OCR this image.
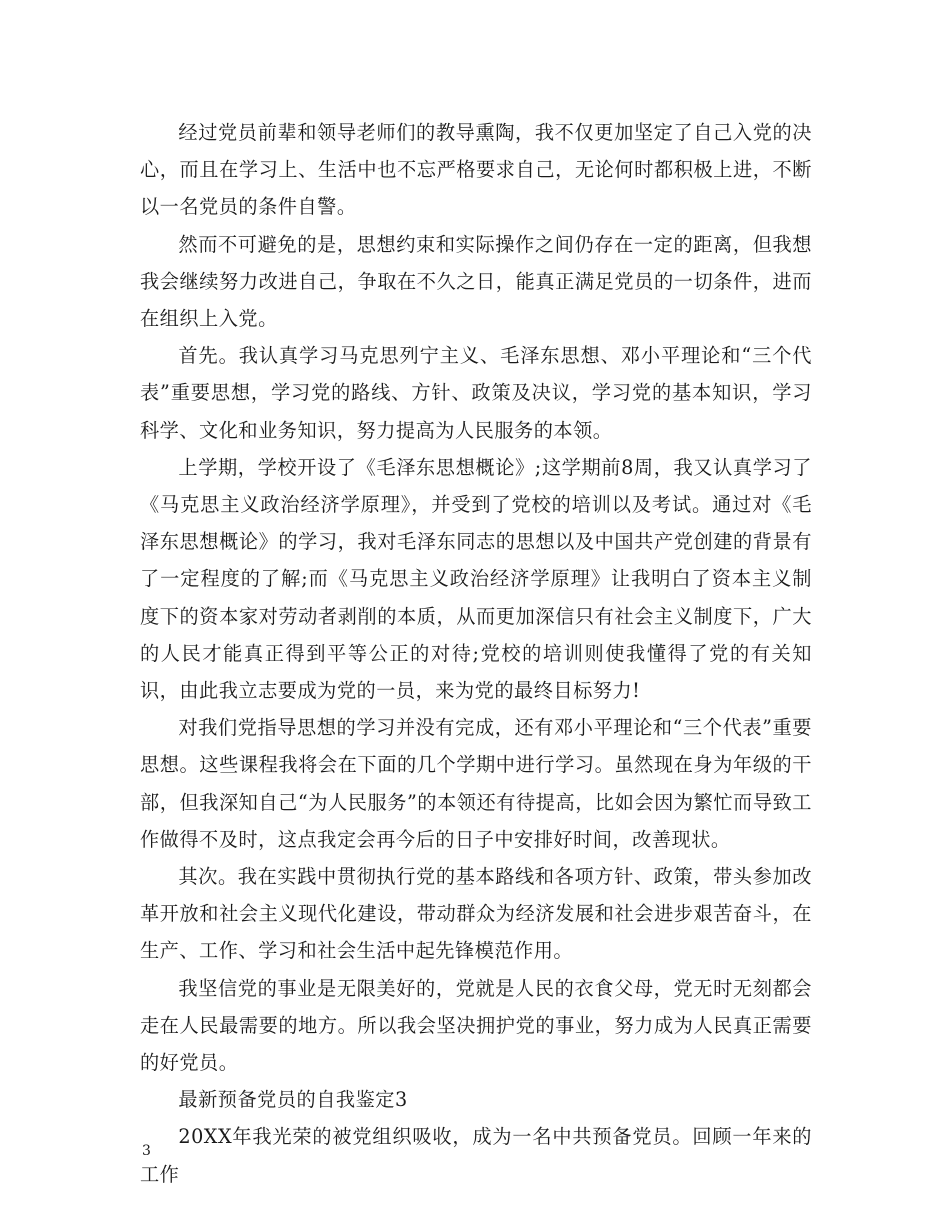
经过党员前辈和领导老师们的教导熏陶，我不仅更加坚定了自己入党的决心，而且在学习上、生活中也不忘严格要求自己，无论何时都积极上进，不断以一名党员的条件自警。

然而不可避免的是，思想约束和实际操作之间仍存在一定的距离，但我想我会继续努力改进自己，争取在不久之日，能真正满足党员的一切条件，进而在组织上入党。

首先。我认真学习马克思列宁主义、毛泽东思想、邓小平理论和“三个代表”重要思想，学习党的路线、方针、政策及决议，学习党的基本知识，学习科学、文化和业务知识，努力提高为人民服务的本领。

上学期，学校开设了《毛泽东思想概论》;这学期前8周，我又认真学习了《马克思主义政治经济学原理》，并受到了党校的培训以及考试。通过对《毛泽东思想概论》的学习，我对毛泽东同志的思想以及中国共产党创建的背景有了一定程度的了解;而《马克思主义政治经济学原理》让我明白了资本主义制度下的资本家对劳动者剥削的本质，从而更加深信只有社会主义制度下，广大的人民才能真正得到平等公正的对待;党校的培训则使我懂得了党的有关知识，由此我立志要成为党的一员，来为党的最终目标努力!

对我们党指导思想的学习并没有完成，还有邓小平理论和“三个代表”重要思想。这些课程我将会在下面的几个学期中进行学习。虽然现在身为年级的干部，但我深知自己“为人民服务”的本领还有待提高，比如会因为繁忙而导致工作做得不及时，这点我定会再今后的日子中安排好时间，改善现状。

其次。我在实践中贯彻执行党的基本路线和各项方针、政策，带头参加改革开放和社会主义现代化建设，带动群众为经济发展和社会进步艰苦奋斗，在生产、工作、学习和社会生活中起先锋模范作用。

我坚信党的事业是无限美好的，党就是人民的衣食父母，党无时无刻都会走在人民最需要的地方。所以我会坚决拥护党的事业，努力成为人民真正需要的好党员。

最新预备党员的自我鉴定3

20XX年我光荣的被党组织吸收，成为一名中共预备党员。回顾一年来的工作

3
